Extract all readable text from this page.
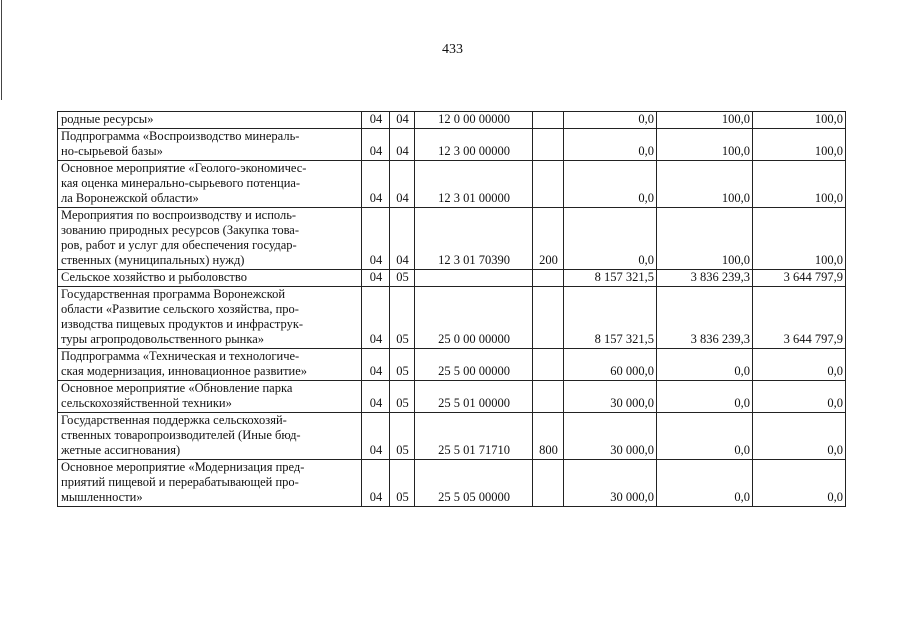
433
родные ресурсы»	04	04	12 0 00 00000		0,0	100,0	100,0
Подпрограмма «Воспроизводство минераль-
но-сырьевой базы»	04	04	12 3 00 00000		0,0	100,0	100,0
Основное мероприятие «Геолого-экономичес-
кая оценка минерально-сырьевого потенциа-
ла Воронежской области»	04	04	12 3 01 00000		0,0	100,0	100,0
Мероприятия по воспроизводству и исполь-
зованию природных ресурсов (Закупка това-
ров, работ и услуг для обеспечения государ-
ственных (муниципальных) нужд)	04	04	12 3 01 70390	200	0,0	100,0	100,0
Сельское хозяйство и рыболовство	04	05			8 157 321,5	3 836 239,3	3 644 797,9
Государственная программа Воронежской
области «Развитие сельского хозяйства, про-
изводства пищевых продуктов и инфраструк-
туры агропродовольственного рынка»	04	05	25 0 00 00000		8 157 321,5	3 836 239,3	3 644 797,9
Подпрограмма «Техническая и технологиче-
ская модернизация, инновационное развитие»	04	05	25 5 00 00000		60 000,0	0,0	0,0
Основное мероприятие «Обновление парка
сельскохозяйственной техники»	04	05	25 5 01 00000		30 000,0	0,0	0,0
Государственная поддержка сельскохозяй-
ственных товаропроизводителей (Иные бюд-
жетные ассигнования)	04	05	25 5 01 71710	800	30 000,0	0,0	0,0
Основное мероприятие «Модернизация пред-
приятий пищевой и перерабатывающей про-
мышленности»	04	05	25 5 05 00000		30 000,0	0,0	0,0
